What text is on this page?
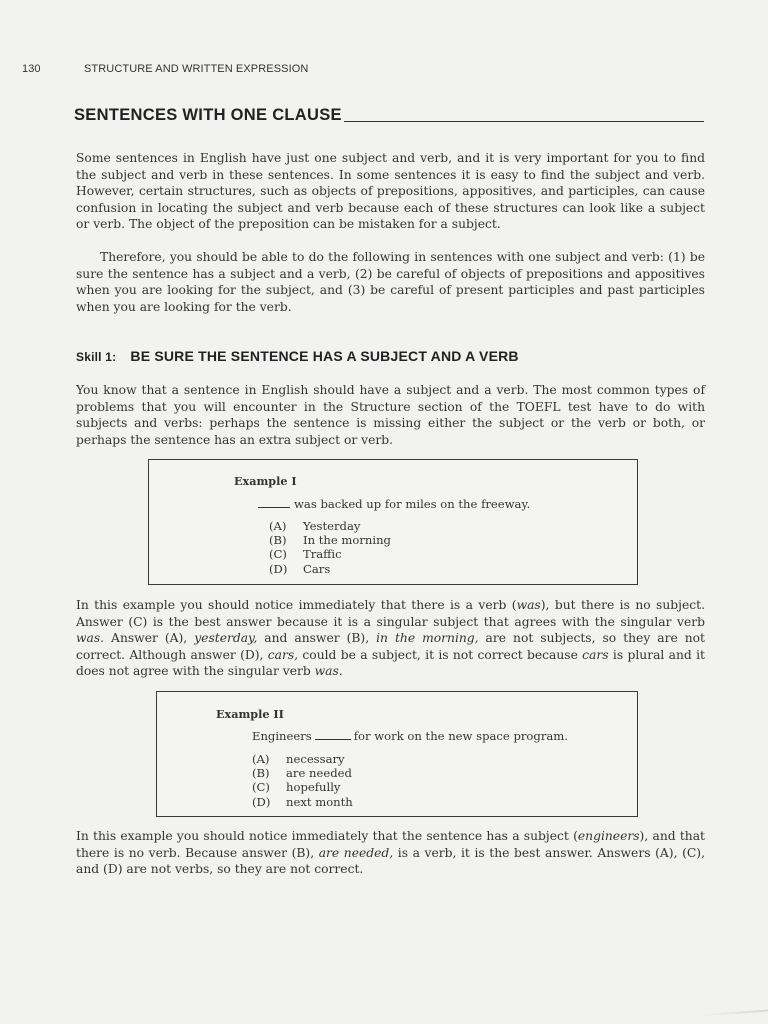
130	STRUCTURE AND WRITTEN EXPRESSION
SENTENCES WITH ONE CLAUSE

Some sentences in English have just one subject and verb, and it is very important for you to find the subject and verb in these sentences. In some sentences it is easy to find the subject and verb. However, certain structures, such as objects of prepositions, appositives, and participles, can cause confusion in locating the subject and verb because each of these structures can look like a subject or verb. The object of the preposition can be mistaken for a subject.

Therefore, you should be able to do the following in sentences with one subject and verb: (1) be sure the sentence has a subject and a verb, (2) be careful of objects of prepositions and appositives when you are looking for the subject, and (3) be careful of present participles and past participles when you are looking for the verb.

Skill 1: BE SURE THE SENTENCE HAS A SUBJECT AND A VERB

You know that a sentence in English should have a subject and a verb. The most common types of problems that you will encounter in the Structure section of the TOEFL test have to do with subjects and verbs: perhaps the sentence is missing either the subject or the verb or both, or perhaps the sentence has an extra subject or verb.

Example I
was backed up for miles on the freeway.
(A)	Yesterday
(B)	In the morning
(C)	Traffic
(D)	Cars

In this example you should notice immediately that there is a verb (was), but there is no subject. Answer (C) is the best answer because it is a singular subject that agrees with the singular verb was. Answer (A), yesterday, and answer (B), in the morning, are not subjects, so they are not correct. Although answer (D), cars, could be a subject, it is not correct because cars is plural and it does not agree with the singular verb was.

Example II
Engineers	for work on the new space program.
(A)	necessary
(B)	are needed
(C)	hopefully
(D)	next month

In this example you should notice immediately that the sentence has a subject (engineers), and that there is no verb. Because answer (B), are needed, is a verb, it is the best answer. Answers (A), (C), and (D) are not verbs, so they are not correct.
